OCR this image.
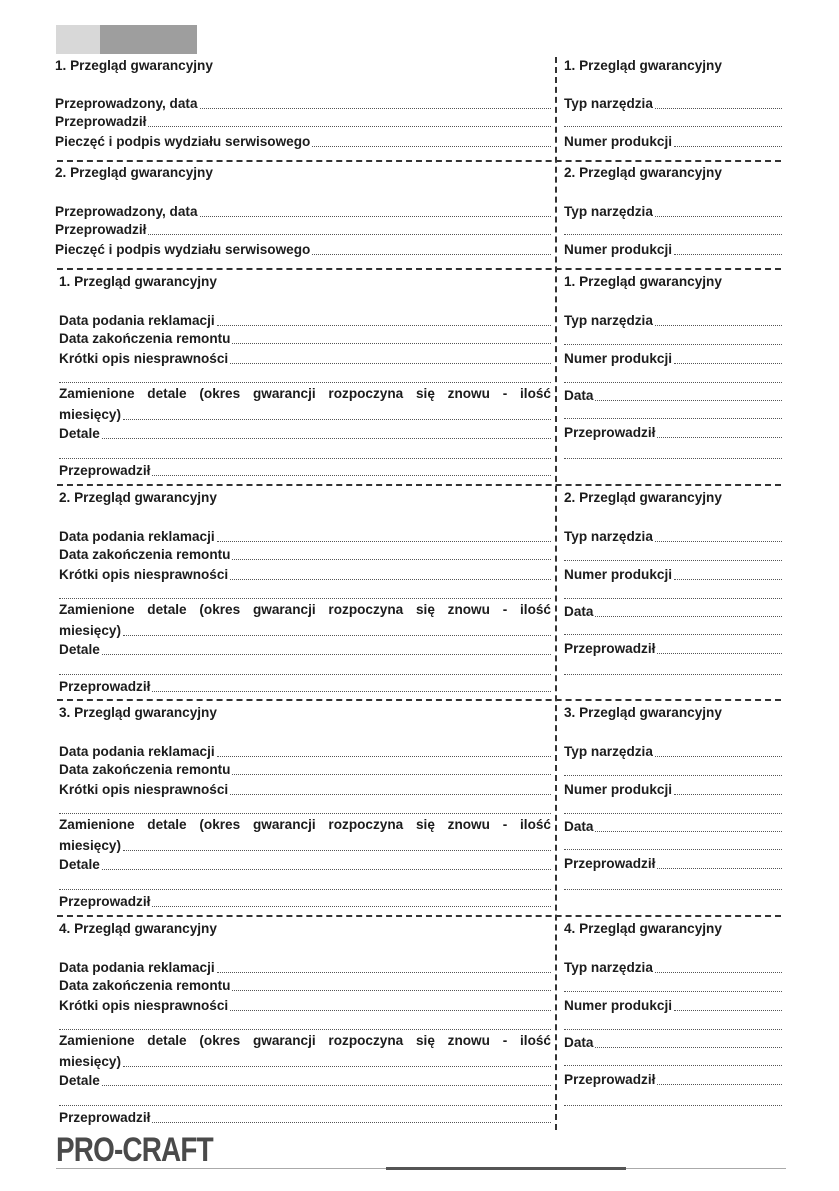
1. Przegląd gwarancyjny
Przeprowadzony, data
Przeprowadził
Pieczęć i podpis wydziału serwisowego
1. Przegląd gwarancyjny
Typ narzędzia
Numer produkcji
2. Przegląd gwarancyjny
Przeprowadzony, data
Przeprowadził
Pieczęć i podpis wydziału serwisowego
2. Przegląd gwarancyjny
Typ narzędzia
Numer produkcji
1. Przegląd gwarancyjny
Data podania reklamacji
Data zakończenia remontu
Krótki opis niesprawności
Zamienione detale (okres gwarancji rozpoczyna się znowu - ilość
miesięcy)
Detale
Przeprowadził
1. Przegląd gwarancyjny
Typ narzędzia
Numer produkcji
Data
Przeprowadził
2. Przegląd gwarancyjny
Data podania reklamacji
Data zakończenia remontu
Krótki opis niesprawności
Zamienione detale (okres gwarancji rozpoczyna się znowu - ilość
miesięcy)
Detale
Przeprowadził
2. Przegląd gwarancyjny
Typ narzędzia
Numer produkcji
Data
Przeprowadził
3. Przegląd gwarancyjny
Data podania reklamacji
Data zakończenia remontu
Krótki opis niesprawności
Zamienione detale (okres gwarancji rozpoczyna się znowu - ilość
miesięcy)
Detale
Przeprowadził
3. Przegląd gwarancyjny
Typ narzędzia
Numer produkcji
Data
Przeprowadził
4. Przegląd gwarancyjny
Data podania reklamacji
Data zakończenia remontu
Krótki opis niesprawności
Zamienione detale (okres gwarancji rozpoczyna się znowu - ilość
miesięcy)
Detale
Przeprowadził
4. Przegląd gwarancyjny
Typ narzędzia
Numer produkcji
Data
Przeprowadził
PRO-CRAFT
